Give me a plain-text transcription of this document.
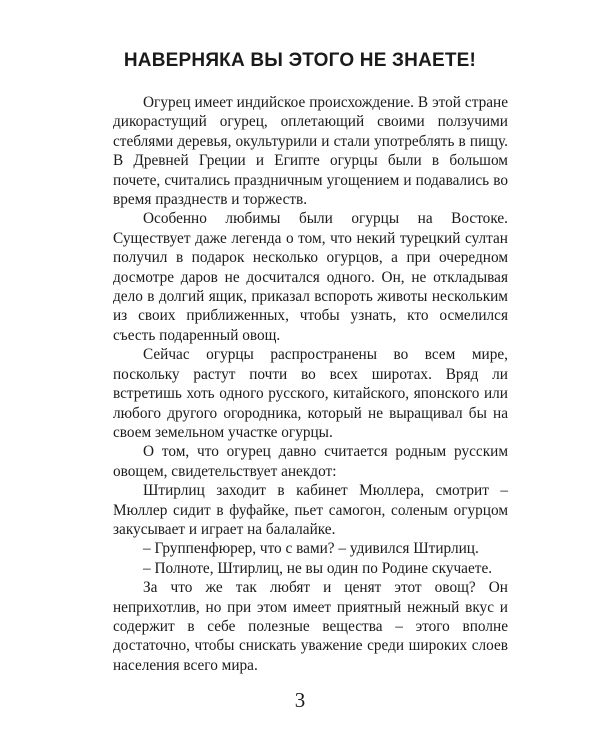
НАВЕРНЯКА ВЫ ЭТОГО НЕ ЗНАЕТЕ!

Огурец имеет индийское происхождение. В этой стране дикорастущий огурец, оплетающий своими ползучими стеблями деревья, окультурили и стали употреблять в пищу. В Древней Греции и Египте огурцы были в большом почете, считались праздничным угощением и подавались во время празднеств и торжеств.

Особенно любимы были огурцы на Востоке. Существует даже легенда о том, что некий турецкий султан получил в подарок несколько огурцов, а при очередном досмотре даров не досчитался одного. Он, не откладывая дело в долгий ящик, приказал вспороть животы нескольким из своих приближенных, чтобы узнать, кто осмелился съесть подаренный овощ.

Сейчас огурцы распространены во всем мире, поскольку растут почти во всех широтах. Вряд ли встретишь хоть одного русского, китайского, японского или любого другого огородника, который не выращивал бы на своем земельном участке огурцы.

О том, что огурец давно считается родным русским овощем, свидетельствует анекдот:

Штирлиц заходит в кабинет Мюллера, смотрит – Мюллер сидит в фуфайке, пьет самогон, соленым огурцом закусывает и играет на балалайке.

– Группенфюрер, что с вами? – удивился Штирлиц.

– Полноте, Штирлиц, не вы один по Родине скучаете.

За что же так любят и ценят этот овощ? Он неприхотлив, но при этом имеет приятный нежный вкус и содержит в себе полезные вещества – этого вполне достаточно, чтобы снискать уважение среди широких слоев населения всего мира.

3
